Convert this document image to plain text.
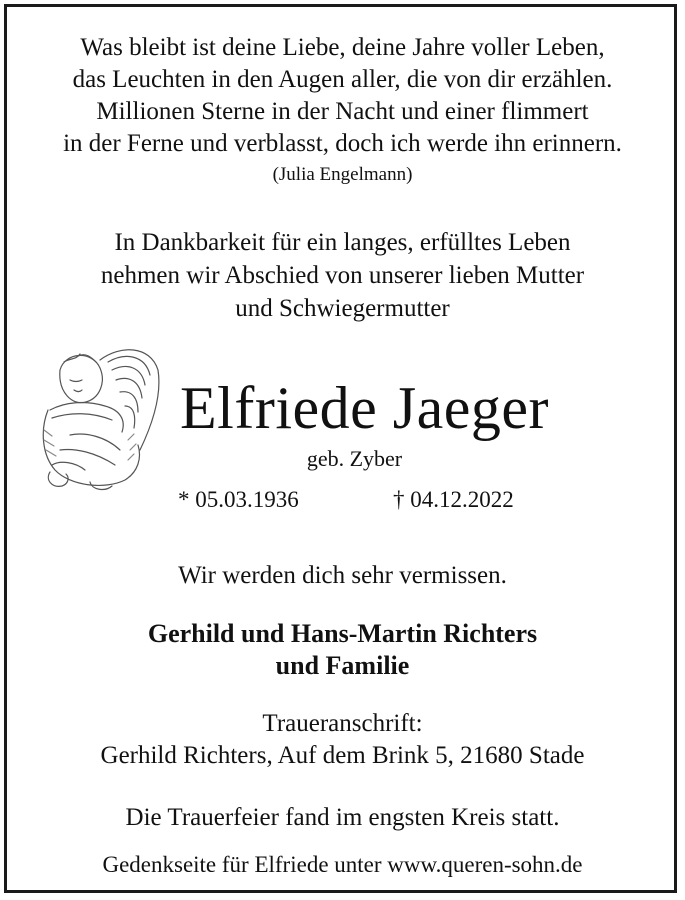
Was bleibt ist deine Liebe, deine Jahre voller Leben,
das Leuchten in den Augen aller, die von dir erzählen.
Millionen Sterne in der Nacht und einer flimmert
in der Ferne und verblasst, doch ich werde ihn erinnern.
(Julia Engelmann)
In Dankbarkeit für ein langes, erfülltes Leben
nehmen wir Abschied von unserer lieben Mutter
und Schwiegermutter
Elfriede Jaeger
geb. Zyber
* 05.03.1936	† 04.12.2022
Wir werden dich sehr vermissen.
Gerhild und Hans-Martin Richters
und Familie
Traueranschrift:
Gerhild Richters, Auf dem Brink 5, 21680 Stade
Die Trauerfeier fand im engsten Kreis statt.
Gedenkseite für Elfriede unter www.queren-sohn.de
